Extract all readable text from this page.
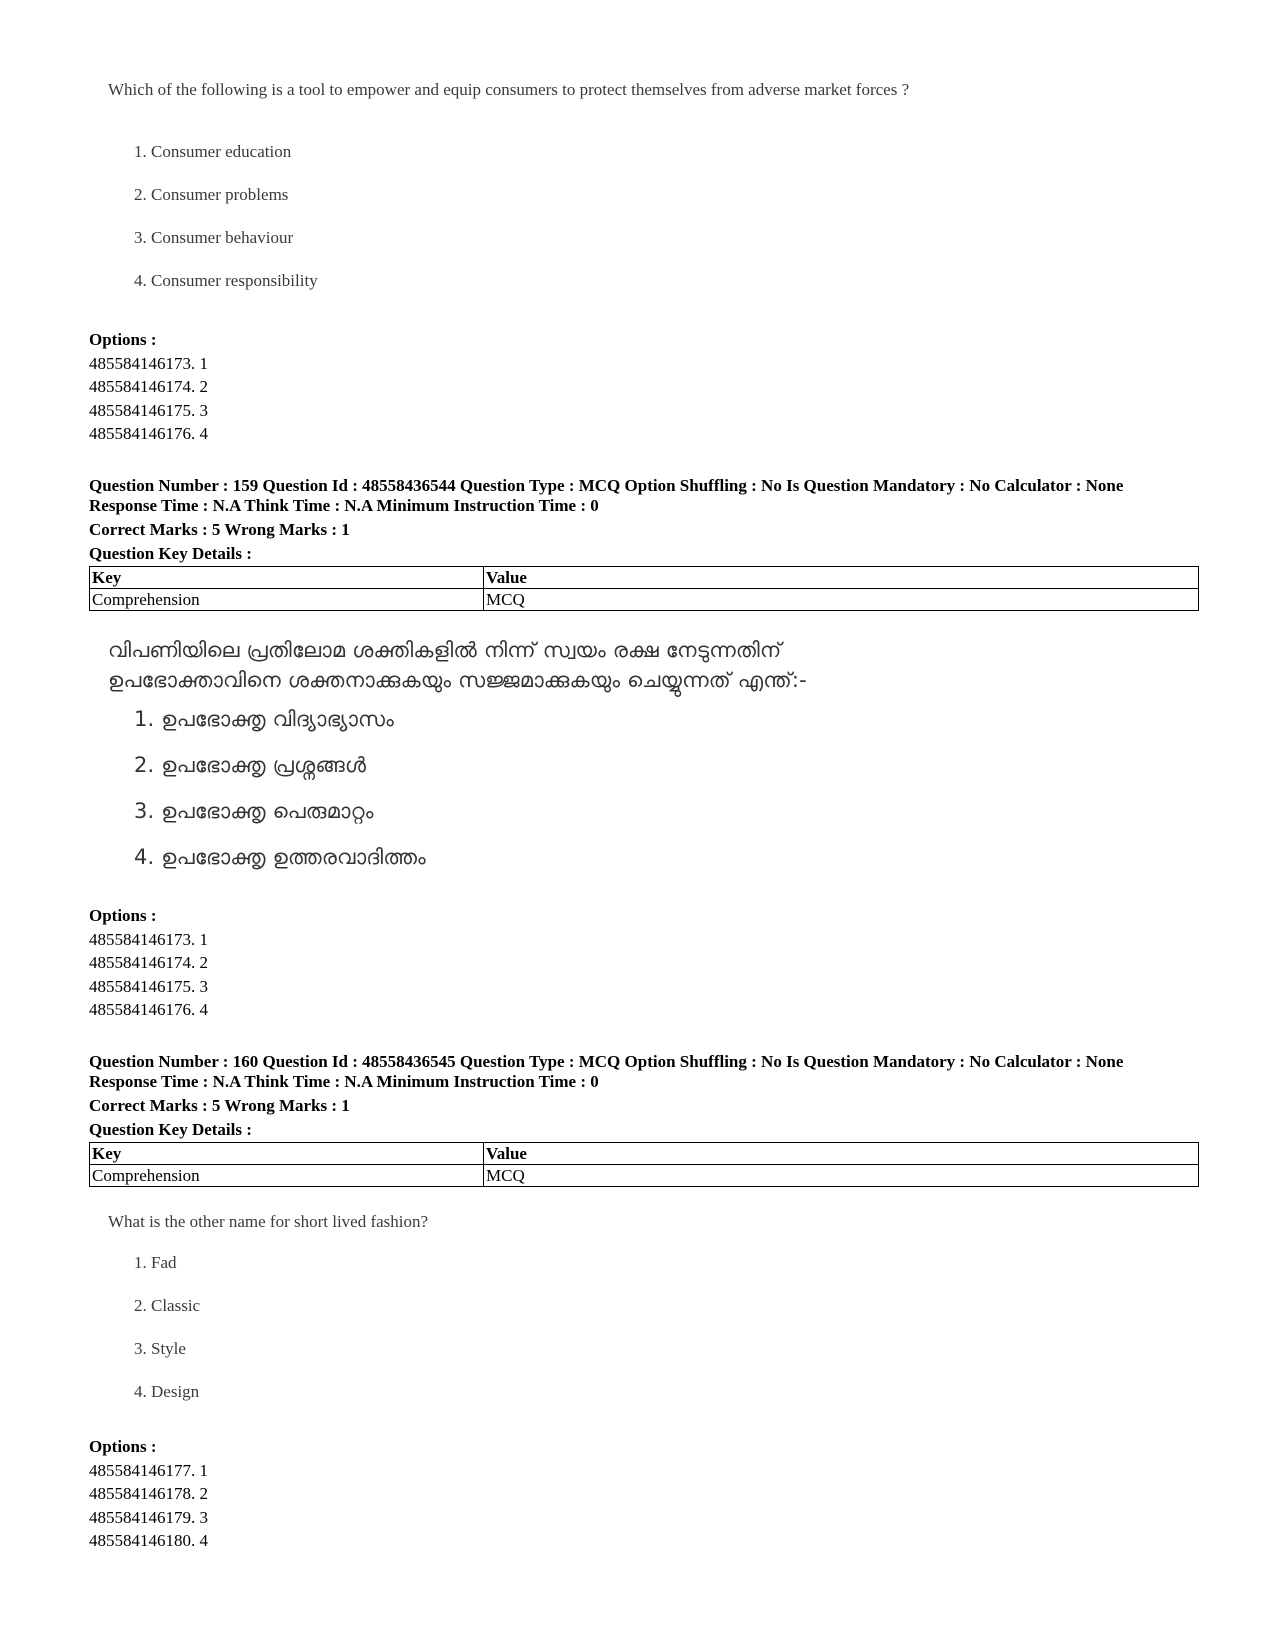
Which of the following is a tool to empower and equip consumers to protect themselves from adverse market forces ?
1. Consumer education
2. Consumer problems
3. Consumer behaviour
4. Consumer responsibility
Options :
485584146173. 1
485584146174. 2
485584146175. 3
485584146176. 4
Question Number : 159 Question Id : 48558436544 Question Type : MCQ Option Shuffling : No Is Question Mandatory : No Calculator : None
Response Time : N.A Think Time : N.A Minimum Instruction Time : 0
Correct Marks : 5 Wrong Marks : 1
Question Key Details :
Key	Value
Comprehension	MCQ
വിപണിയിലെ പ്രതിലോമ ശക്തികളിൽ നിന്ന് സ്വയം രക്ഷ നേടുന്നതിന്
ഉപഭോക്താവിനെ ശക്തനാക്കുകയും സജ്ജമാക്കുകയും ചെയ്യുന്നത് എന്ത്:-
1. ഉപഭോക്തൃ വിദ്യാഭ്യാസം
2. ഉപഭോക്തൃ പ്രശ്നങ്ങൾ
3. ഉപഭോക്തൃ പെരുമാറ്റം
4. ഉപഭോക്തൃ ഉത്തരവാദിത്തം
Options :
485584146173. 1
485584146174. 2
485584146175. 3
485584146176. 4
Question Number : 160 Question Id : 48558436545 Question Type : MCQ Option Shuffling : No Is Question Mandatory : No Calculator : None
Response Time : N.A Think Time : N.A Minimum Instruction Time : 0
Correct Marks : 5 Wrong Marks : 1
Question Key Details :
Key	Value
Comprehension	MCQ
What is the other name for short lived fashion?
1. Fad
2. Classic
3. Style
4. Design
Options :
485584146177. 1
485584146178. 2
485584146179. 3
485584146180. 4
